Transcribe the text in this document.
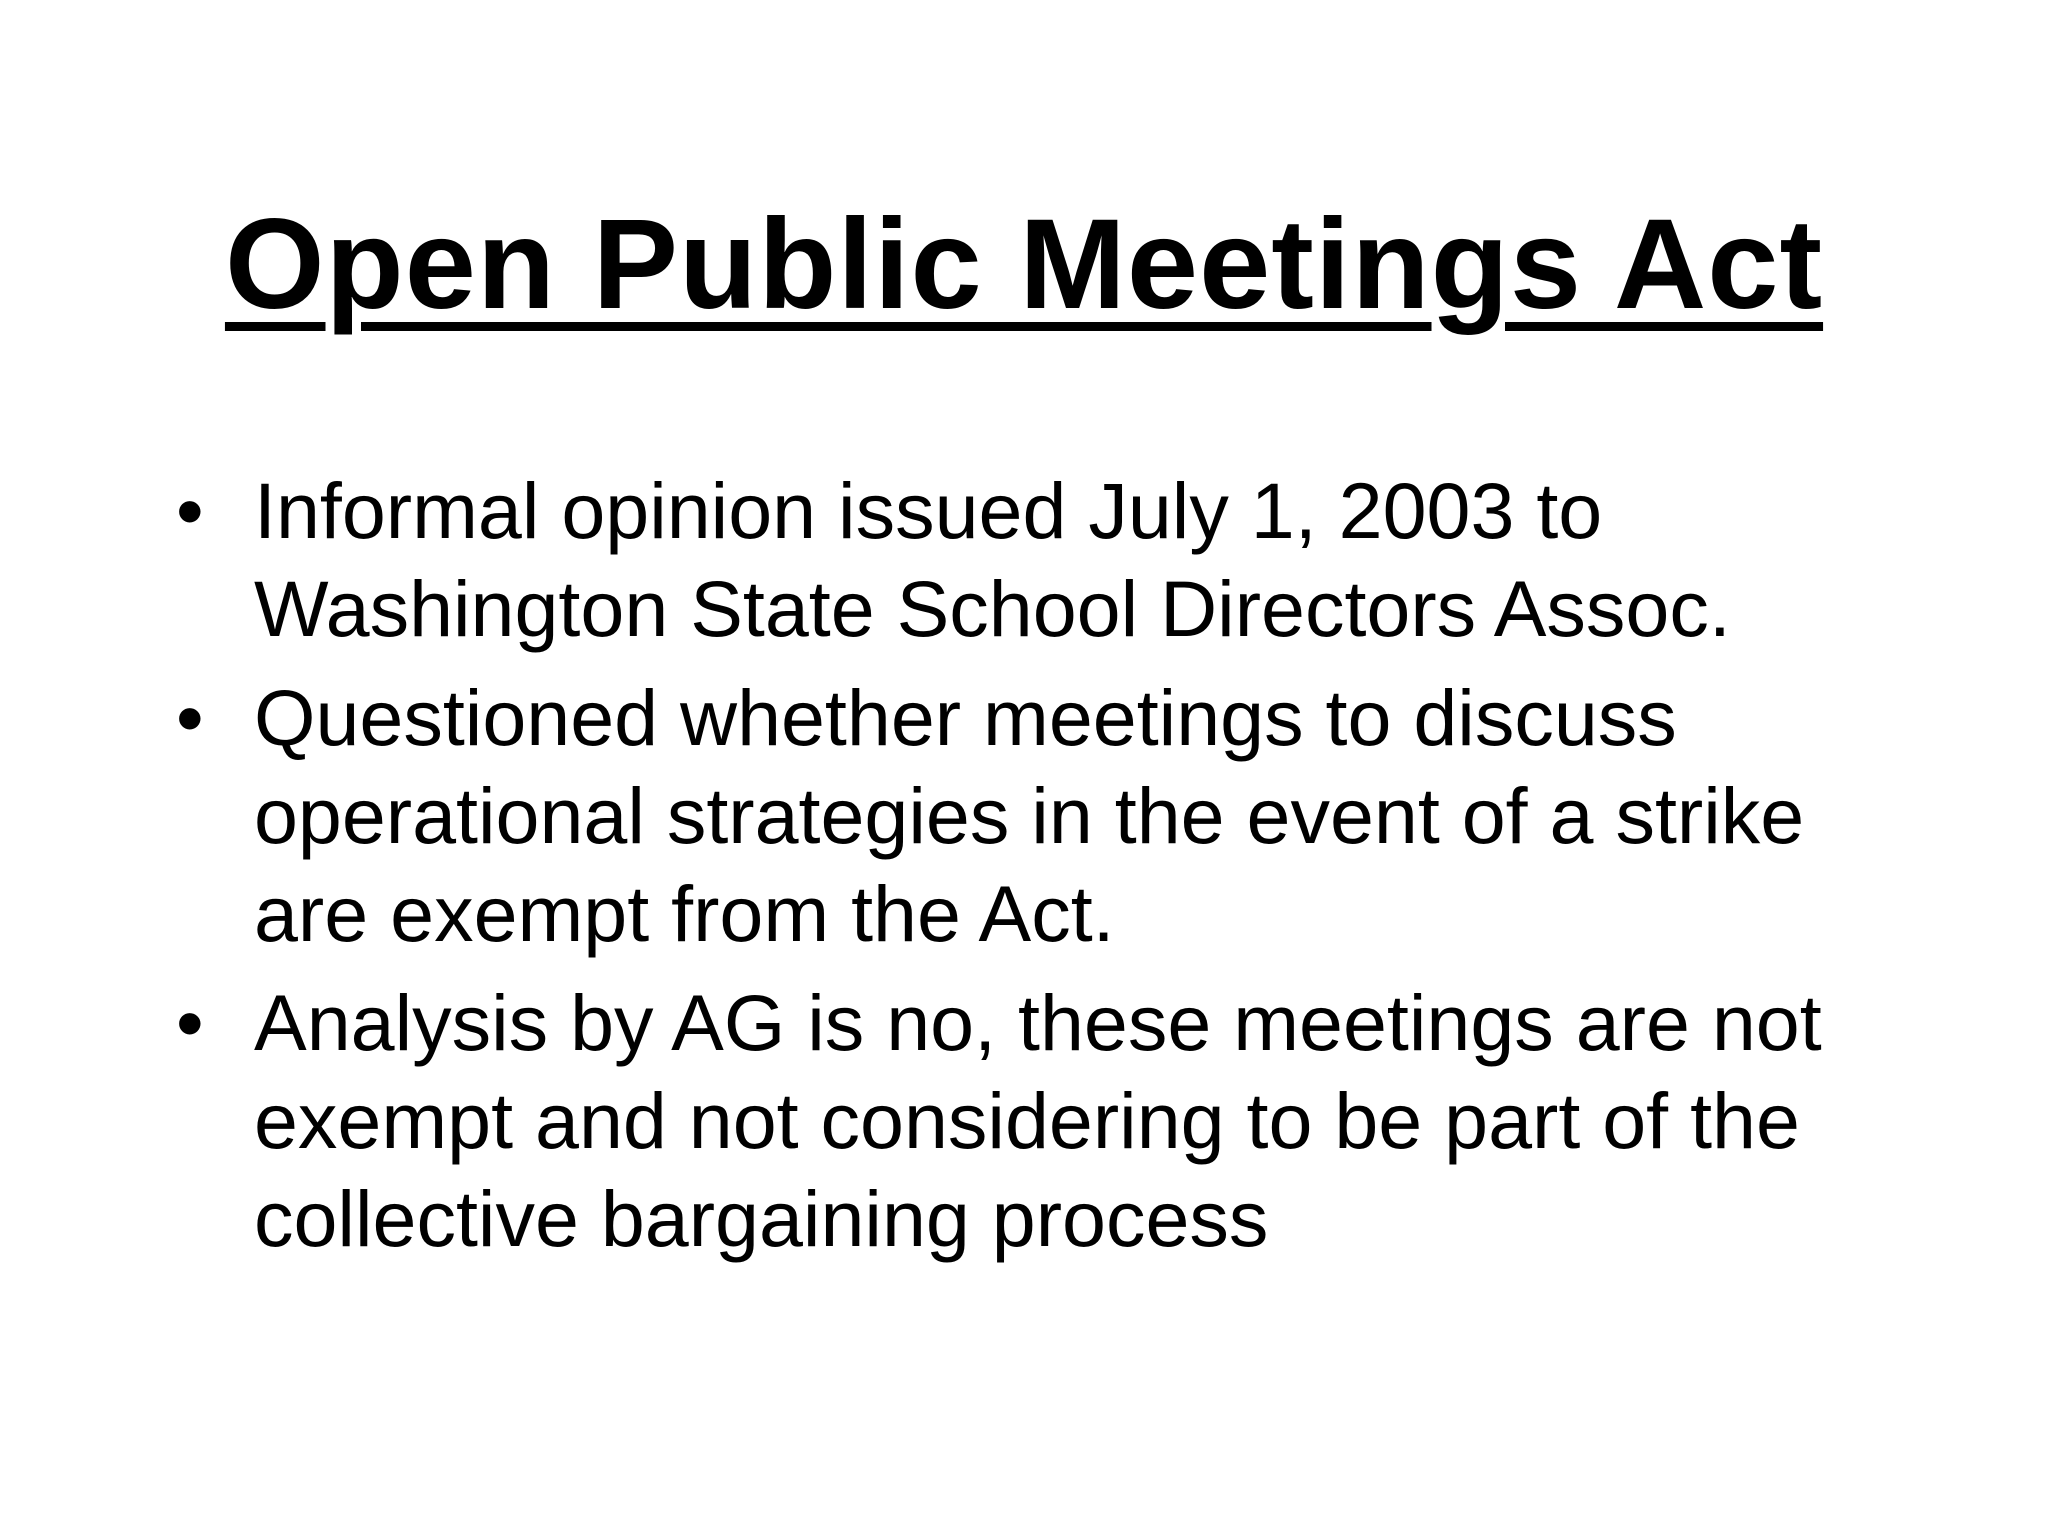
Open Public Meetings Act
• Informal opinion issued July 1, 2003 to Washington State School Directors Assoc.
• Questioned whether meetings to discuss operational strategies in the event of a strike are exempt from the Act.
• Analysis by AG is no, these meetings are not exempt and not considering to be part of the collective bargaining process
